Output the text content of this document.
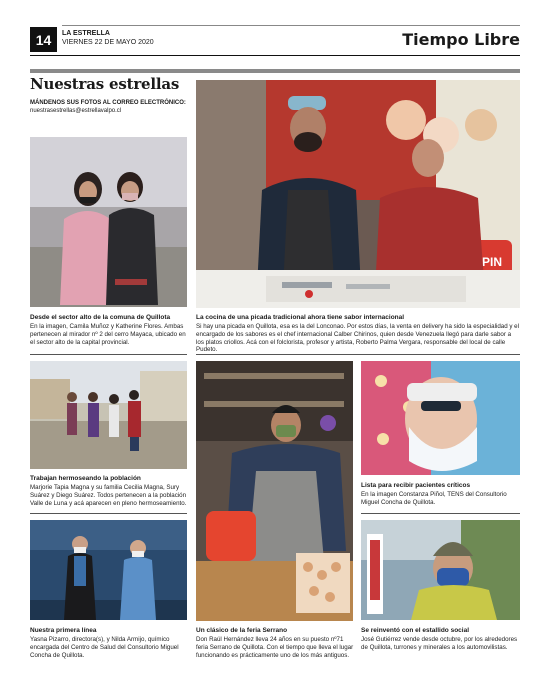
14	LA ESTRELLA
VIERNES 22 DE MAYO 2020	Tiempo Libre
Nuestras estrellas
MÁNDENOS SUS FOTOS AL CORREO ELECTRÓNICO:
nuestrasestrellas@estrellavalpo.cl
Desde el sector alto de la comuna de Quillota
En la imagen, Camila Muñoz y Katherine Flores. Ambas pertenecen al mirador nº 2 del cerro Mayaca, ubicado en el sector alto de la capital provincial.
PIN
La cocina de una picada tradicional ahora tiene sabor internacional
Si hay una picada en Quillota, esa es la del Lonconao. Por estos días, la venta en delivery ha sido la especialidad y el encargado de los sabores es el chef internacional Calber Chirinos, quien desde Venezuela llegó para darle sabor a los platos criollos. Acá con el folclorista, profesor y artista, Roberto Palma Vergara, responsable del local de calle Pudeto.
Trabajan hermoseando la población
Marjorie Tapia Magna y su familia Cecilia Magna, Sury Suárez y Diego Suárez. Todos pertenecen a la población Valle de Luna y acá aparecen en pleno hermoseamiento.
Un clásico de la feria Serrano
Don Raúl Hernández lleva 24 años en su puesto nº71 feria Serrano de Quillota. Con el tiempo que lleva el lugar funcionando es prácticamente uno de los más antiguos.
Lista para recibir pacientes críticos
En la imagen Constanza Piñol, TENS del Consultorio Miguel Concha de Quillota.
Nuestra primera línea
Yasna Pizarro, directora(s), y Nilda Armijo, químico encargada del Centro de Salud del Consultorio Miguel Concha de Quillota.
Se reinventó con el estallido social
José Gutiérrez vende desde octubre, por los alrededores de Quillota, turrones y minerales a los automovilistas.
